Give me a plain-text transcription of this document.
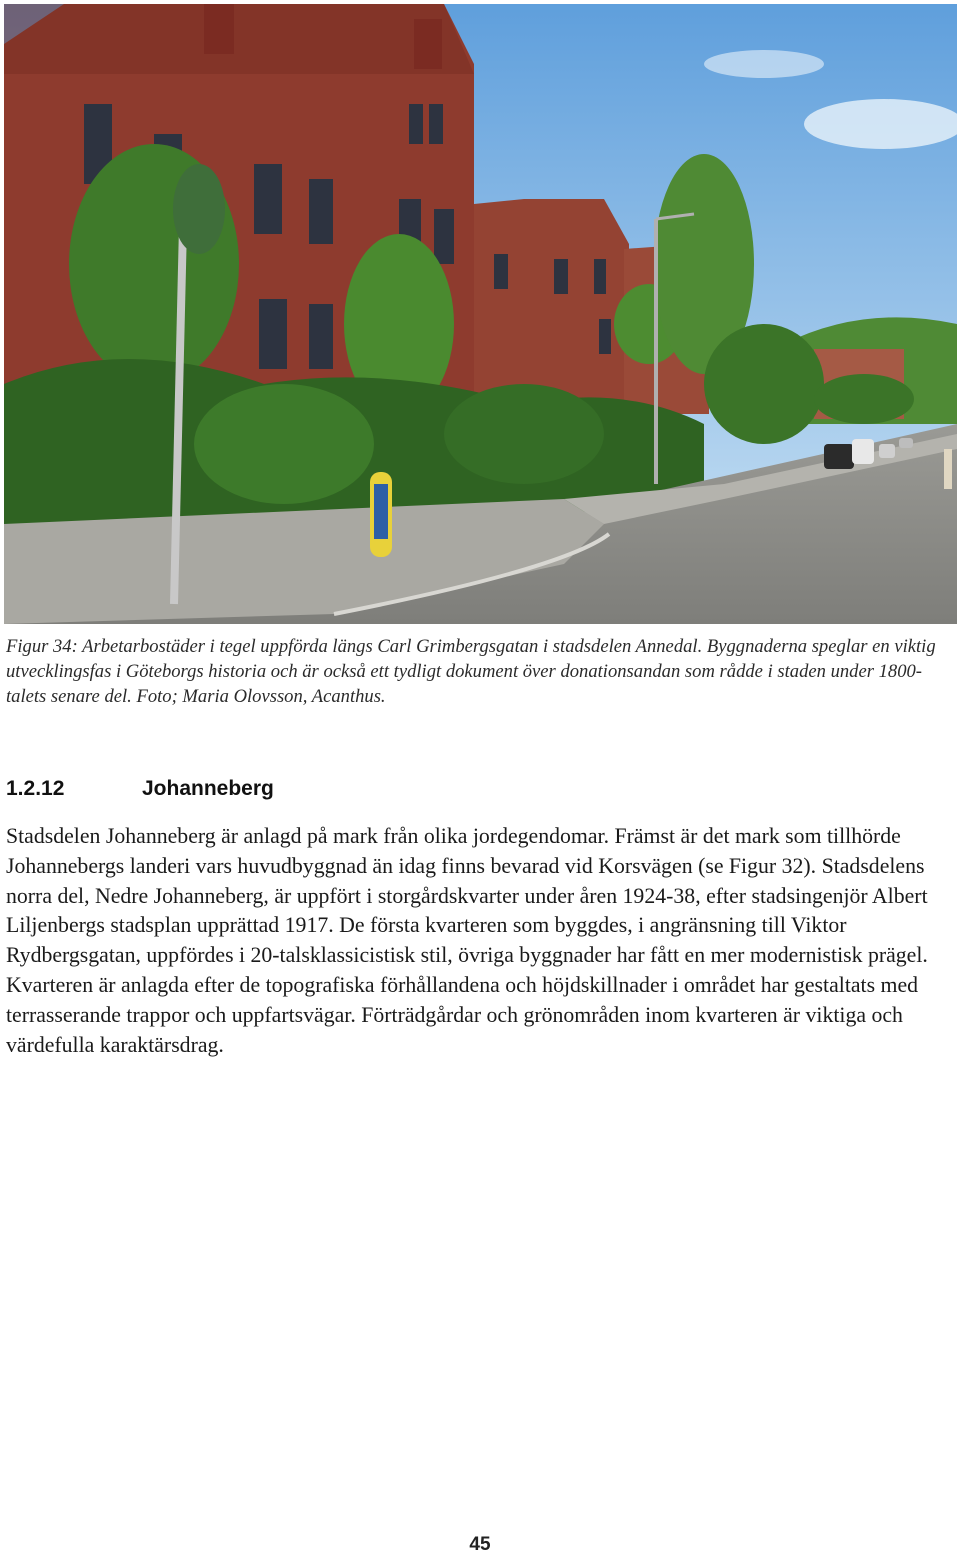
Figur 34: Arbetarbostäder i tegel uppförda längs Carl Grimbergsgatan i stadsdelen Annedal. Byggnaderna speglar en viktig utvecklingsfas i Göteborgs historia och är också ett tydligt dokument över donationsandan som rådde i staden under 1800-talets senare del. Foto; Maria Olovsson, Acanthus.

1.2.12	Johanneberg

Stadsdelen Johanneberg är anlagd på mark från olika jordegendomar. Främst är det mark som tillhörde Johannebergs landeri vars huvudbyggnad än idag finns bevarad vid Korsvägen (se Figur 32). Stadsdelens norra del, Nedre Johanneberg, är uppfört i storgårdskvarter under åren 1924-38, efter stadsingenjör Albert Liljenbergs stadsplan upprättad 1917. De första kvarteren som byggdes, i angränsning till Viktor Rydbergsgatan, uppfördes i 20-talsklassicistisk stil, övriga byggnader har fått en mer modernistisk prägel. Kvarteren är anlagda efter de topografiska förhållandena och höjdskillnader i området har gestaltats med terrasserande trappor och uppfartsvägar. Förträdgårdar och grönområden inom kvarteren är viktiga och värdefulla karaktärsdrag.

45
